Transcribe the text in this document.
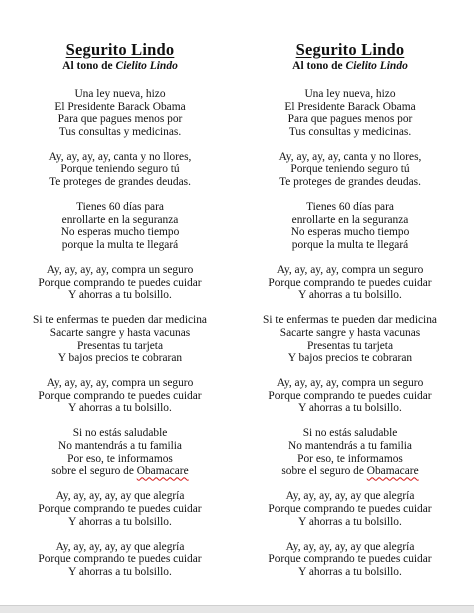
Segurito Lindo
Al tono de Cielito Lindo
Una ley nueva, hizo
El Presidente Barack Obama
Para que pagues menos por
Tus consultas y medicinas.
Ay, ay, ay, ay, canta y no llores,
Porque teniendo seguro tú
Te proteges de grandes deudas.
Tienes 60 días para
enrollarte en la seguranza
No esperas mucho tiempo
porque la multa te llegará
Ay, ay, ay, ay, compra un seguro
Porque comprando te puedes cuidar
Y ahorras a tu bolsillo.
Si te enfermas te pueden dar medicina
Sacarte sangre y hasta vacunas
Presentas tu tarjeta
Y bajos precios te cobraran
Ay, ay, ay, ay, compra un seguro
Porque comprando te puedes cuidar
Y ahorras a tu bolsillo.
Si no estás saludable
No mantendrás a tu familia
Por eso, te informamos
sobre el seguro de Obamacare
Ay, ay, ay, ay, ay que alegría
Porque comprando te puedes cuidar
Y ahorras a tu bolsillo.
Ay, ay, ay, ay, ay que alegría
Porque comprando te puedes cuidar
Y ahorras a tu bolsillo.
Segurito Lindo
Al tono de Cielito Lindo
Una ley nueva, hizo
El Presidente Barack Obama
Para que pagues menos por
Tus consultas y medicinas.
Ay, ay, ay, ay, canta y no llores,
Porque teniendo seguro tú
Te proteges de grandes deudas.
Tienes 60 días para
enrollarte en la seguranza
No esperas mucho tiempo
porque la multa te llegará
Ay, ay, ay, ay, compra un seguro
Porque comprando te puedes cuidar
Y ahorras a tu bolsillo.
Si te enfermas te pueden dar medicina
Sacarte sangre y hasta vacunas
Presentas tu tarjeta
Y bajos precios te cobraran
Ay, ay, ay, ay, compra un seguro
Porque comprando te puedes cuidar
Y ahorras a tu bolsillo.
Si no estás saludable
No mantendrás a tu familia
Por eso, te informamos
sobre el seguro de Obamacare
Ay, ay, ay, ay, ay que alegría
Porque comprando te puedes cuidar
Y ahorras a tu bolsillo.
Ay, ay, ay, ay, ay que alegría
Porque comprando te puedes cuidar
Y ahorras a tu bolsillo.
